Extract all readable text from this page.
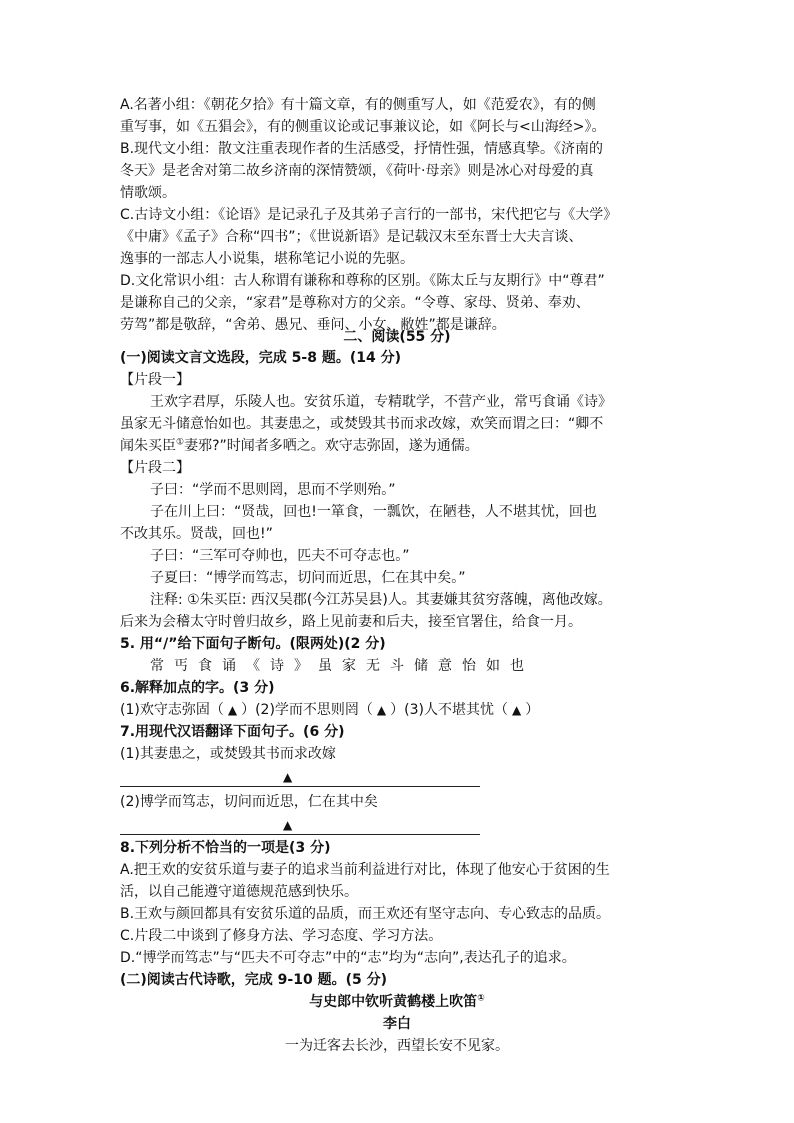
A.名著小组：《朝花夕拾》有十篇文章，有的侧重写人，如《范爱农》，有的侧
重写事，如《五猖会》，有的侧重议论或记事兼议论，如《阿长与<山海经>》。
B.现代文小组：散文注重表现作者的生活感受，抒情性强，情感真挚。《济南的
冬天》是老舍对第二故乡济南的深情赞颂，《荷叶·母亲》则是冰心对母爱的真
情歌颂。
C.古诗文小组：《论语》是记录孔子及其弟子言行的一部书，宋代把它与《大学》
《中庸》《孟子》合称“四书”；《世说新语》是记载汉末至东晋士大夫言谈、
逸事的一部志人小说集，堪称笔记小说的先驱。
D.文化常识小组：古人称谓有谦称和尊称的区别。《陈太丘与友期行》中“尊君”
是谦称自己的父亲，“家君”是尊称对方的父亲。“令尊、家母、贤弟、奉劝、
劳驾”都是敬辞，“舍弟、愚兄、垂问、小女、敝姓”都是谦辞。
二、阅读(55 分)
(一)阅读文言文选段，完成 5-8 题。(14 分)
【片段一】
王欢字君厚，乐陵人也。安贫乐道，专精耽学，不营产业，常丐食诵《诗》
虽家无斗储意怡如也。其妻患之，或焚毁其书而求改嫁，欢笑而谓之曰：“卿不
闻朱买臣①妻邪?”时闻者多哂之。欢守志弥固，遂为通儒。
【片段二】
子曰：“学而不思则罔，思而不学则殆。”
子在川上曰：“贤哉，回也!一箪食，一瓢饮，在陋巷，人不堪其忧，回也
不改其乐。贤哉，回也!”
子曰：“三军可夺帅也，匹夫不可夺志也。”
子夏曰：“博学而笃志，切问而近思，仁在其中矣。”
注释: ①朱买臣: 西汉吴郡(今江苏吴县)人。其妻嫌其贫穷落魄，离他改嫁。
后来为会稽太守时曾归故乡，路上见前妻和后夫，接至官署住，给食一月。
5. 用“/”给下面句子断句。(限两处)(2 分)
常丐食诵《诗》虽家无斗储意怡如也
6.解释加点的字。(3 分)
(1)欢守志弥固（ ▲ ）(2)学而不思则罔（ ▲ ）(3)人不堪其忧（ ▲ ）
7.用现代汉语翻译下面句子。(6 分)
(1)其妻患之，或焚毁其书而求改嫁
▲
(2)博学而笃志，切问而近思，仁在其中矣
▲
8.下列分析不恰当的一项是(3 分)
A.把王欢的安贫乐道与妻子的追求当前利益进行对比，体现了他安心于贫困的生
活，以自己能遵守道德规范感到快乐。
B.王欢与颜回都具有安贫乐道的品质，而王欢还有坚守志向、专心致志的品质。
C.片段二中谈到了修身方法、学习态度、学习方法。
D.“博学而笃志”与“匹夫不可夺志”中的“志”均为“志向”,表达孔子的追求。
(二)阅读古代诗歌，完成 9-10 题。(5 分)
与史郎中钦听黄鹤楼上吹笛①
李白
一为迁客去长沙，西望长安不见家。
